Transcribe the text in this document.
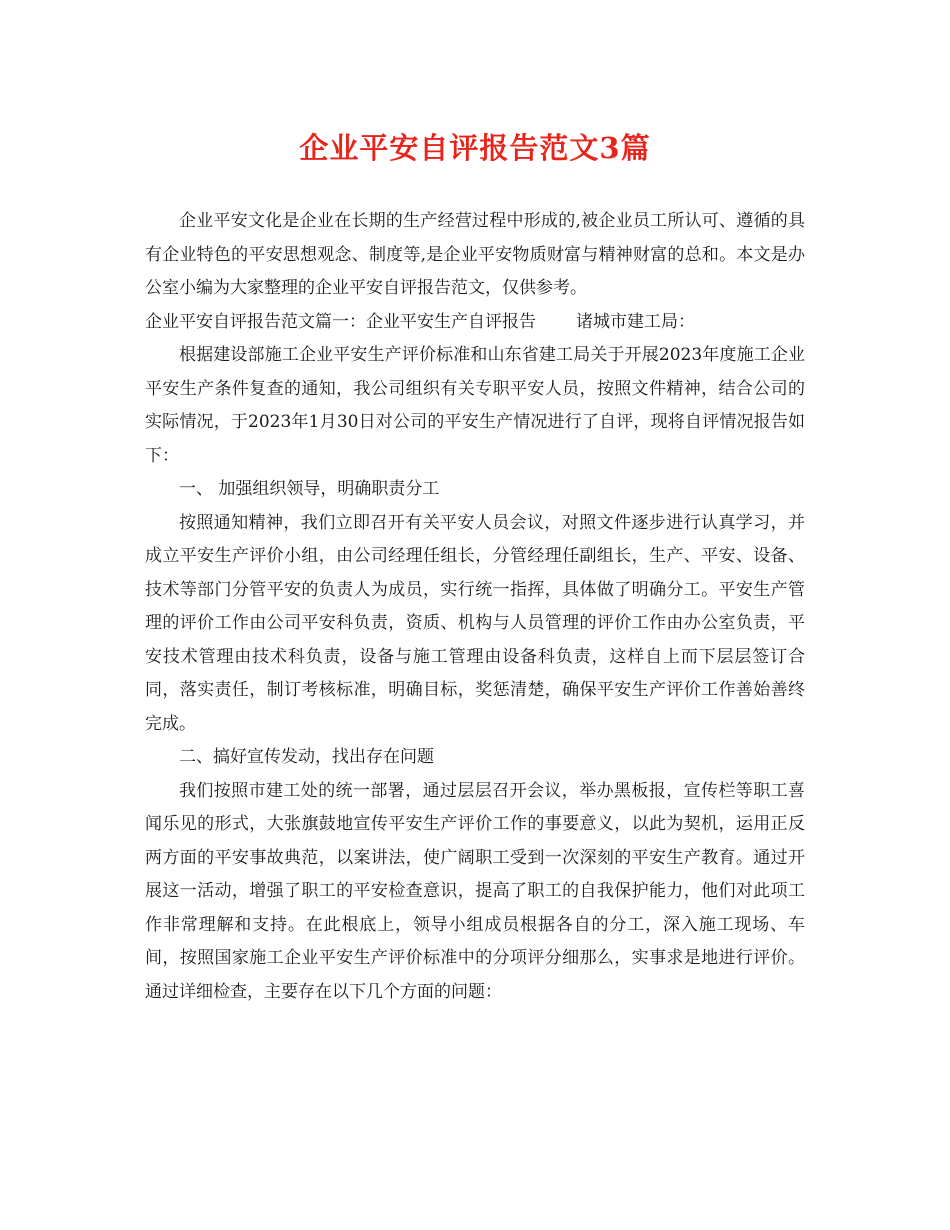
企业平安自评报告范文3篇

企业平安文化是企业在长期的生产经营过程中形成的,被企业员工所认可、遵循的具有企业特色的平安思想观念、制度等,是企业平安物质财富与精神财富的总和。本文是办公室小编为大家整理的企业平安自评报告范文，仅供参考。

企业平安自评报告范文篇一：企业平安生产自评报告 诸城市建工局：

根据建设部施工企业平安生产评价标准和山东省建工局关于开展2023年度施工企业平安生产条件复查的通知，我公司组织有关专职平安人员，按照文件精神，结合公司的实际情况，于2023年1月30日对公司的平安生产情况进行了自评，现将自评情况报告如下：

一、 加强组织领导，明确职责分工

按照通知精神，我们立即召开有关平安人员会议，对照文件逐步进行认真学习，并成立平安生产评价小组，由公司经理任组长，分管经理任副组长，生产、平安、设备、技术等部门分管平安的负责人为成员，实行统一指挥，具体做了明确分工。平安生产管理的评价工作由公司平安科负责，资质、机构与人员管理的评价工作由办公室负责，平安技术管理由技术科负责，设备与施工管理由设备科负责，这样自上而下层层签订合同，落实责任，制订考核标准，明确目标，奖惩清楚，确保平安生产评价工作善始善终完成。

二、搞好宣传发动，找出存在问题

我们按照市建工处的统一部署，通过层层召开会议，举办黑板报，宣传栏等职工喜闻乐见的形式，大张旗鼓地宣传平安生产评价工作的事要意义，以此为契机，运用正反两方面的平安事故典范，以案讲法，使广阔职工受到一次深刻的平安生产教育。通过开展这一活动，增强了职工的平安检查意识，提高了职工的自我保护能力，他们对此项工作非常理解和支持。在此根底上，领导小组成员根据各自的分工，深入施工现场、车间，按照国家施工企业平安生产评价标准中的分项评分细那么，实事求是地进行评价。通过详细检查，主要存在以下几个方面的问题：
